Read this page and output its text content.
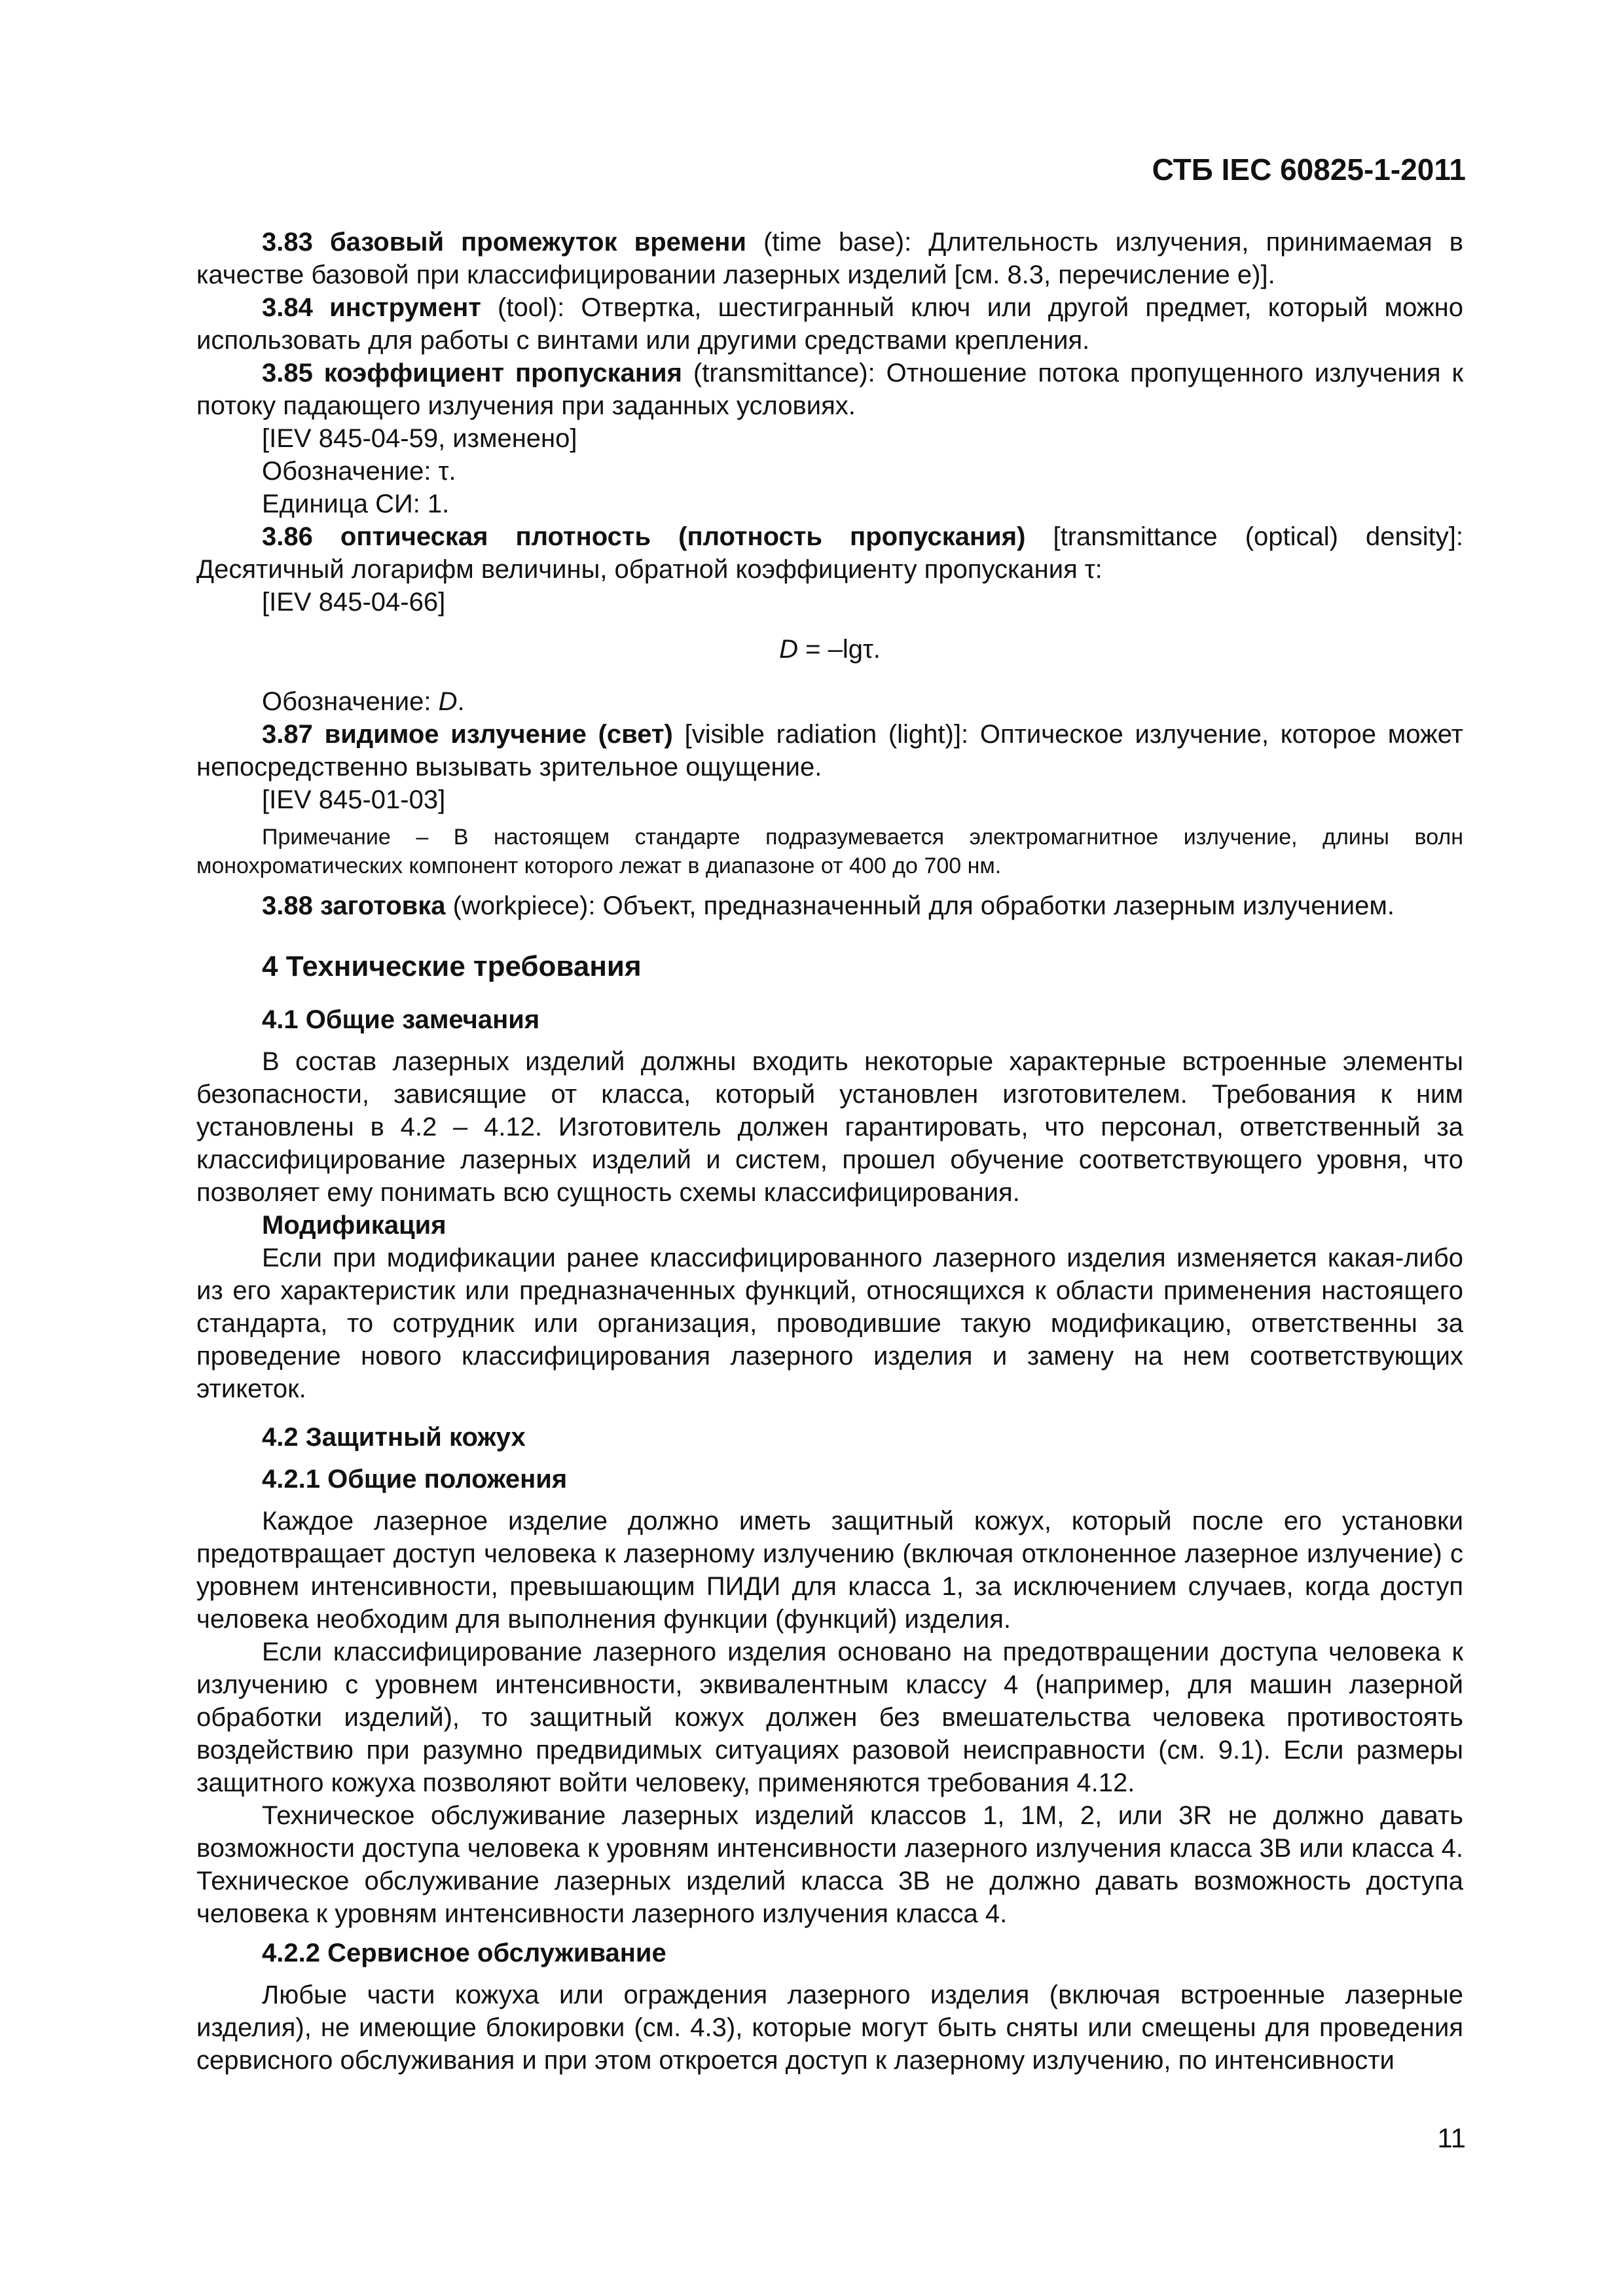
СТБ IEC 60825-1-2011

3.83 базовый промежуток времени (time base): Длительность излучения, принимаемая в качестве базовой при классифицировании лазерных изделий [см. 8.3, перечисление е)].

3.84 инструмент (tool): Отвертка, шестигранный ключ или другой предмет, который можно использовать для работы с винтами или другими средствами крепления.

3.85 коэффициент пропускания (transmittance): Отношение потока пропущенного излучения к потоку падающего излучения при заданных условиях.

[IEV 845-04-59, изменено]

Обозначение: τ.

Единица СИ: 1.

3.86 оптическая плотность (плотность пропускания) [transmittance (optical) density]: Десятичный логарифм величины, обратной коэффициенту пропускания τ:

[IEV 845-04-66]

D = –lgτ.

Обозначение: D.

3.87 видимое излучение (свет) [visible radiation (light)]: Оптическое излучение, которое может непосредственно вызывать зрительное ощущение.

[IEV 845-01-03]

Примечание – В настоящем стандарте подразумевается электромагнитное излучение, длины волн монохроматических компонент которого лежат в диапазоне от 400 до 700 нм.

3.88 заготовка (workpiece): Объект, предназначенный для обработки лазерным излучением.

4 Технические требования
4.1 Общие замечания

В состав лазерных изделий должны входить некоторые характерные встроенные элементы безопасности, зависящие от класса, который установлен изготовителем. Требования к ним установлены в 4.2 – 4.12. Изготовитель должен гарантировать, что персонал, ответственный за классифицирование лазерных изделий и систем, прошел обучение соответствующего уровня, что позволяет ему понимать всю сущность схемы классифицирования.

Модификация

Если при модификации ранее классифицированного лазерного изделия изменяется какая-либо из его характеристик или предназначенных функций, относящихся к области применения настоящего стандарта, то сотрудник или организация, проводившие такую модификацию, ответственны за проведение нового классифицирования лазерного изделия и замену на нем соответствующих этикеток.

4.2 Защитный кожух
4.2.1 Общие положения

Каждое лазерное изделие должно иметь защитный кожух, который после его установки предотвращает доступ человека к лазерному излучению (включая отклоненное лазерное излучение) с уровнем интенсивности, превышающим ПИДИ для класса 1, за исключением случаев, когда доступ человека необходим для выполнения функции (функций) изделия.

Если классифицирование лазерного изделия основано на предотвращении доступа человека к излучению с уровнем интенсивности, эквивалентным классу 4 (например, для машин лазерной обработки изделий), то защитный кожух должен без вмешательства человека противостоять воздействию при разумно предвидимых ситуациях разовой неисправности (см. 9.1). Если размеры защитного кожуха позволяют войти человеку, применяются требования 4.12.

Техническое обслуживание лазерных изделий классов 1, 1М, 2, или 3R не должно давать возможности доступа человека к уровням интенсивности лазерного излучения класса 3В или класса 4. Техническое обслуживание лазерных изделий класса 3В не должно давать возможность доступа человека к уровням интенсивности лазерного излучения класса 4.

4.2.2 Сервисное обслуживание

Любые части кожуха или ограждения лазерного изделия (включая встроенные лазерные изделия), не имеющие блокировки (см. 4.3), которые могут быть сняты или смещены для проведения сервисного обслуживания и при этом откроется доступ к лазерному излучению, по интенсивности

11
